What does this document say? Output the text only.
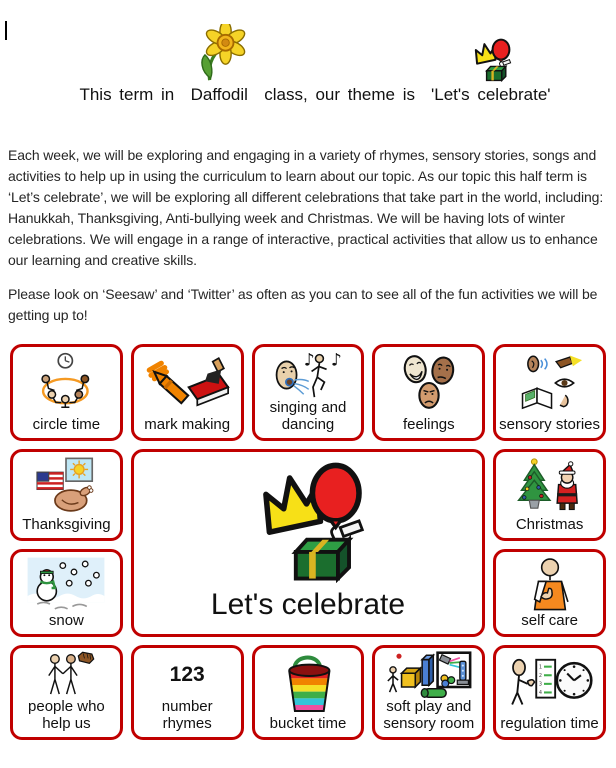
This term in Daffodil class, our theme is 'Let's celebrate'

Each week, we will be exploring and engaging in a variety of rhymes, sensory stories, songs and activities to help up in using the curriculum to learn about our topic. As our topic this half term is ‘Let’s celebrate’, we will be exploring all different celebrations that take part in the world, including: Hanukkah, Thanksgiving, Anti-bullying week and Christmas. We will be having lots of winter celebrations. We will engage in a range of interactive, practical activities that allow us to enhance our learning and creative skills.

Please look on ‘Seesaw’ and ‘Twitter’ as often as you can to see all of the fun activities we will be getting up to!

circle time	mark making
♪ ♪
singing and dancing	feelings	sensory stories
Thanksgiving
Let's celebrate
Christmas
snow	self care
people who help us
123
number rhymes	bucket time
soft play and sensory room
1
2
3
4
regulation time
